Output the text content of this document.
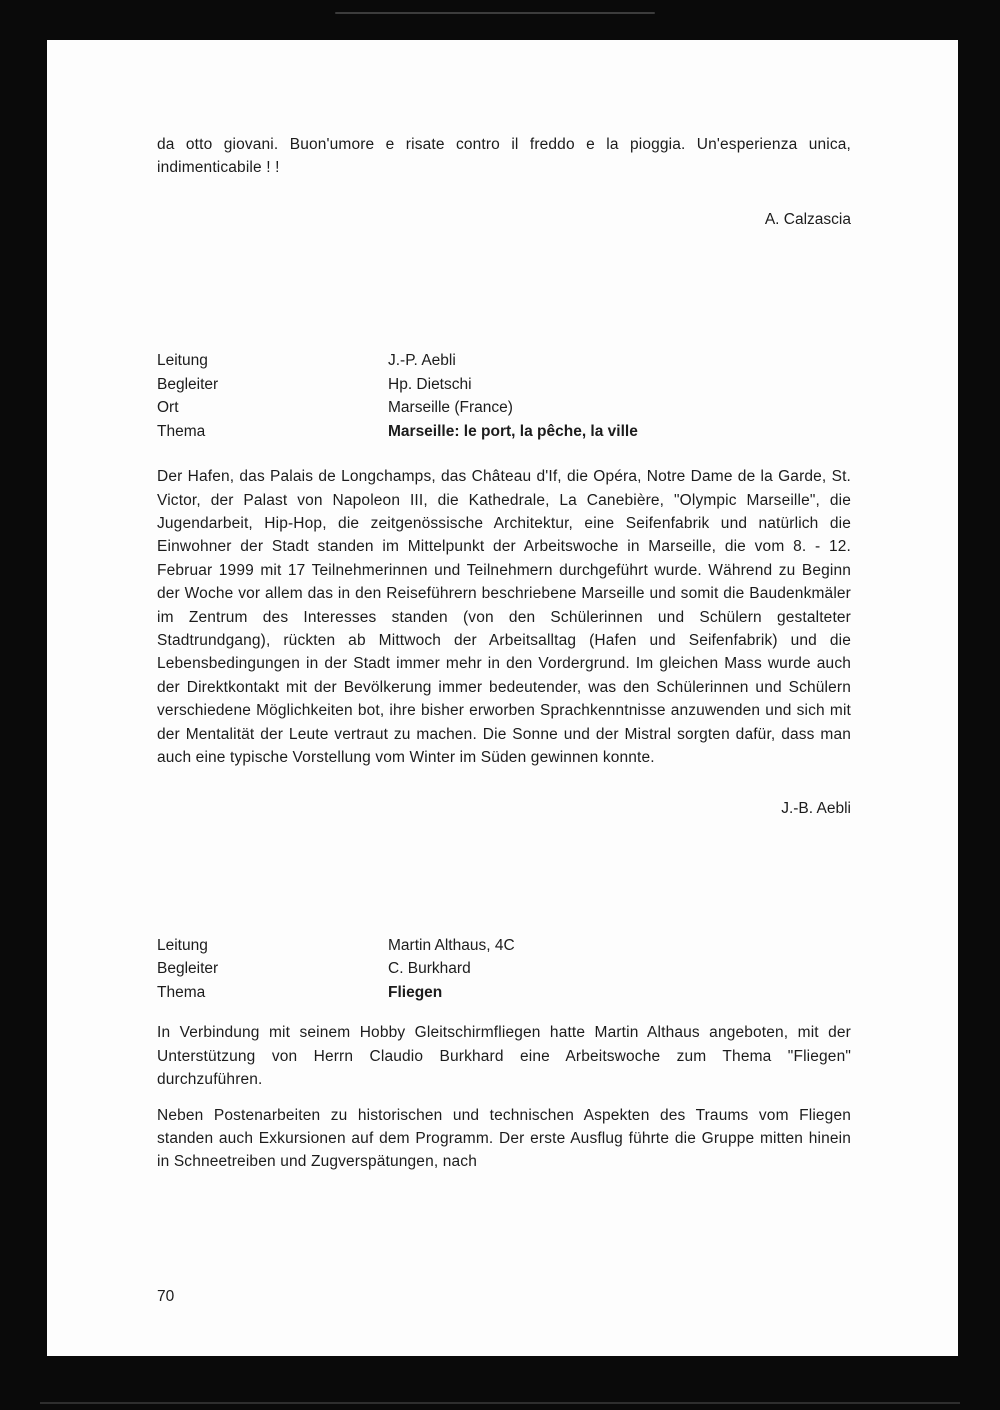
da otto giovani. Buon'umore e risate contro il freddo e la pioggia. Un'esperienza unica, indimenticabile ! !

A. Calzascia

Leitung	J.-P. Aebli
Begleiter	Hp. Dietschi
Ort	Marseille (France)
Thema	Marseille: le port, la pêche, la ville

Der Hafen, das Palais de Longchamps, das Château d'If, die Opéra, Notre Dame de la Garde, St. Victor, der Palast von Napoleon III, die Kathedrale, La Canebière, "Olympic Marseille", die Jugendarbeit, Hip-Hop, die zeitgenössische Architektur, eine Seifenfabrik und natürlich die Einwohner der Stadt standen im Mittelpunkt der Arbeitswoche in Marseille, die vom 8. - 12. Februar 1999 mit 17 Teilnehmerinnen und Teilnehmern durchgeführt wurde. Während zu Beginn der Woche vor allem das in den Reiseführern beschriebene Marseille und somit die Baudenkmäler im Zentrum des Interesses standen (von den Schülerinnen und Schülern gestalteter Stadtrundgang), rückten ab Mittwoch der Arbeitsalltag (Hafen und Seifenfabrik) und die Lebensbedingungen in der Stadt immer mehr in den Vordergrund. Im gleichen Mass wurde auch der Direktkontakt mit der Bevölkerung immer bedeutender, was den Schülerinnen und Schülern verschiedene Möglichkeiten bot, ihre bisher erworben Sprachkenntnisse anzuwenden und sich mit der Mentalität der Leute vertraut zu machen. Die Sonne und der Mistral sorgten dafür, dass man auch eine typische Vorstellung vom Winter im Süden gewinnen konnte.

J.-B. Aebli

Leitung	Martin Althaus, 4C
Begleiter	C. Burkhard
Thema	Fliegen

In Verbindung mit seinem Hobby Gleitschirmfliegen hatte Martin Althaus angeboten, mit der Unterstützung von Herrn Claudio Burkhard eine Arbeitswoche zum Thema "Fliegen" durchzuführen.

Neben Postenarbeiten zu historischen und technischen Aspekten des Traums vom Fliegen standen auch Exkursionen auf dem Programm. Der erste Ausflug führte die Gruppe mitten hinein in Schneetreiben und Zugverspätungen, nach

70
